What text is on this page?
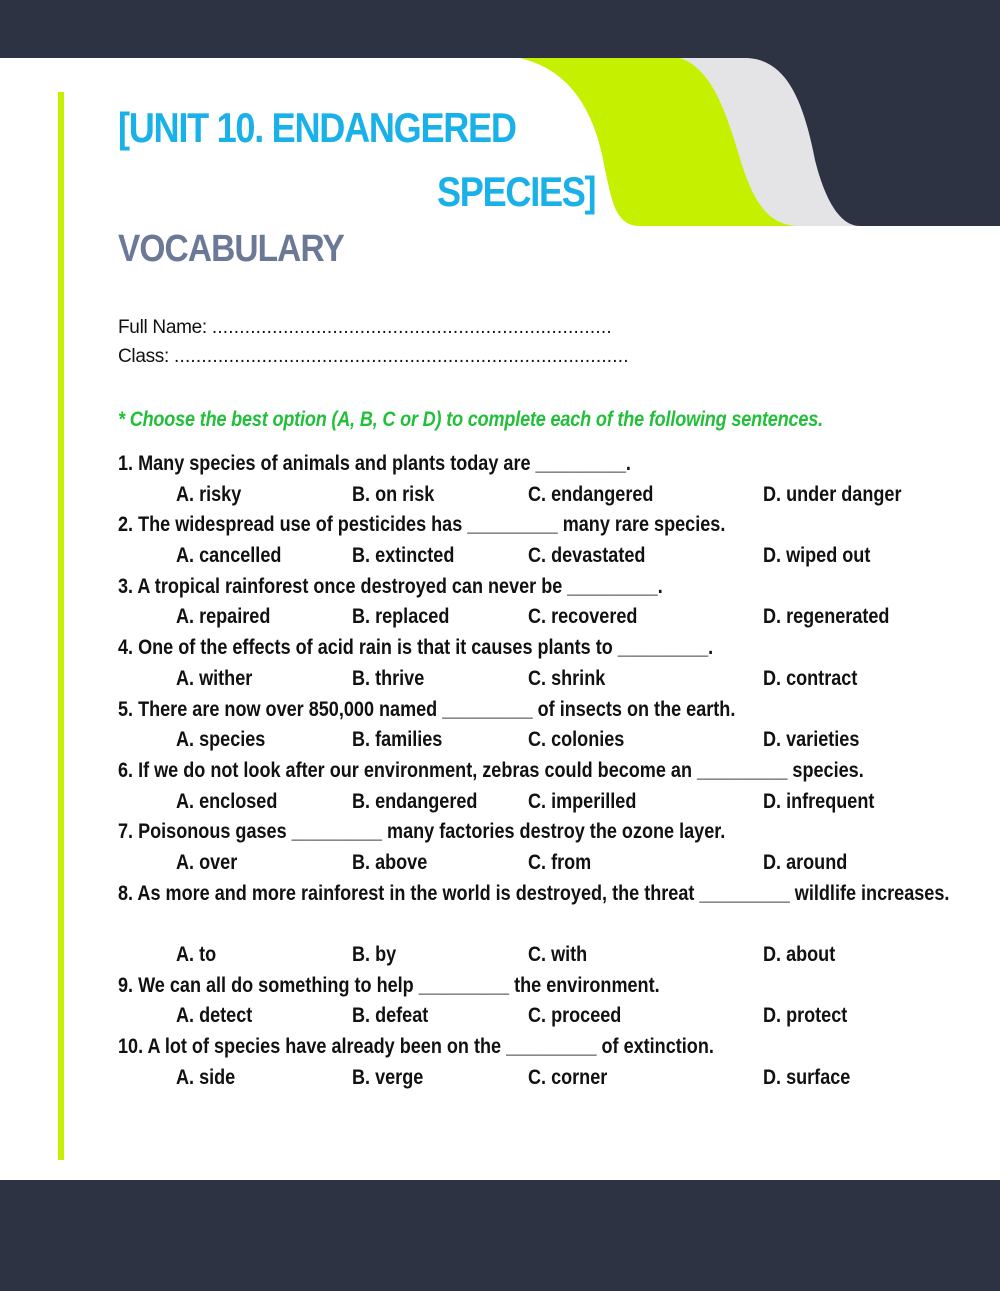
[UNIT 10. ENDANGERED
SPECIES]
VOCABULARY
Full Name: .........................................................................
Class: ...................................................................................
* Choose the best option (A, B, C or D) to complete each of the following sentences.
1. Many species of animals and plants today are _________.
A. risky	B. on risk	C. endangered	D. under danger
2. The widespread use of pesticides has _________ many rare species.
A. cancelled	B. extincted	C. devastated	D. wiped out
3. A tropical rainforest once destroyed can never be _________.
A. repaired	B. replaced	C. recovered	D. regenerated
4. One of the effects of acid rain is that it causes plants to _________.
A. wither	B. thrive	C. shrink	D. contract
5. There are now over 850,000 named _________ of insects on the earth.
A. species	B. families	C. colonies	D. varieties
6. If we do not look after our environment, zebras could become an _________ species.
A. enclosed	B. endangered C. imperilled	D. infrequent
7. Poisonous gases _________ many factories destroy the ozone layer.
A. over	B. above	C. from	D. around
8. As more and more rainforest in the world is destroyed, the threat _________ wildlife increases.
A. to	B. by	C. with	D. about
9. We can all do something to help _________ the environment.
A. detect	B. defeat	C. proceed	D. protect
10. A lot of species have already been on the _________ of extinction.
A. side	B. verge	C. corner	D. surface
